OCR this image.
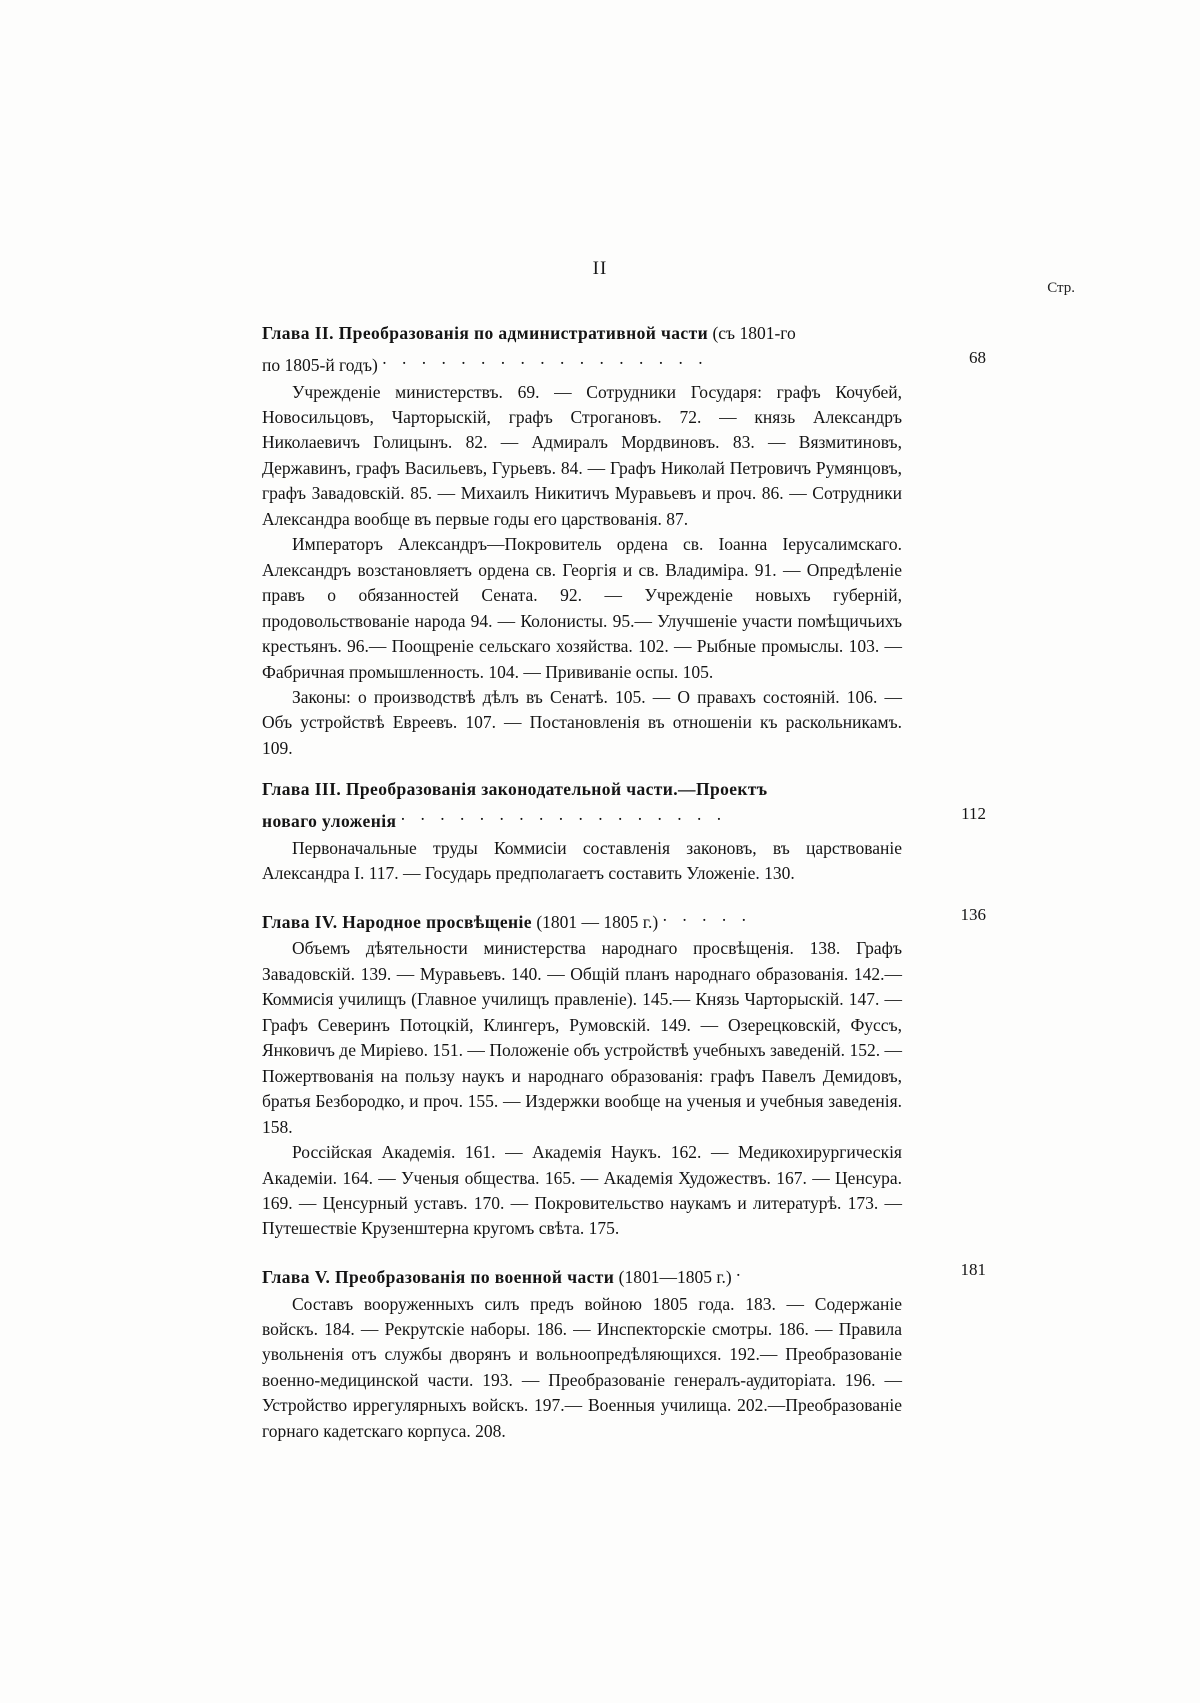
II
Стр.
Глава II. Преобразованія по административной части (съ 1801-го
по 1805-й годъ) . . . . . . . . . . . . . . . . .	68

Учрежденіе министерствъ. 69. — Сотрудники Государя: графъ Кочубей, Новосильцовъ, Чарторыскій, графъ Строгановъ. 72. — князь Александръ Николаевичъ Голицынъ. 82. — Адмиралъ Мордвиновъ. 83. — Вязмитиновъ, Державинъ, графъ Васильевъ, Гурьевъ. 84. — Графъ Николай Петровичъ Румянцовъ, графъ Завадовскій. 85. — Михаилъ Никитичъ Муравьевъ и проч. 86. — Сотрудники Александра вообще въ первые годы его царствованія. 87.

Императоръ Александръ—Покровитель ордена св. Іоанна Іерусалимскаго. Александръ возстановляетъ ордена св. Георгія и св. Владиміра. 91. — Опредѣленіе правъ о обязанностей Сената. 92. — Учрежденіе новыхъ губерній, продовольствованіе народа 94. — Колонисты. 95.— Улучшеніе участи помѣщичьихъ крестьянъ. 96.— Поощреніе сельскаго хозяйства. 102. — Рыбные промыслы. 103. — Фабричная промышленность. 104. — Прививаніе оспы. 105.

Законы: о производствѣ дѣлъ въ Сенатѣ. 105. — О правахъ состояній. 106. — Объ устройствѣ Евреевъ. 107. — Постановленія въ отношеніи къ раскольникамъ. 109.

Глава III. Преобразованія законодательной части.—Проектъ
новаго уложенія . . . . . . . . . . . . . . . . .	112

Первоначальные труды Коммисіи составленія законовъ, въ царствованіе Александра I. 117. — Государь предполагаетъ составить Уложеніе. 130.

Глава IV. Народное просвѣщеніе (1801 — 1805 г.) . . . . .	136

Объемъ дѣятельности министерства народнаго просвѣщенія. 138. Графъ Завадовскій. 139. — Муравьевъ. 140. — Общій планъ народнаго образованія. 142.—Коммисія училищъ (Главное училищъ правленіе). 145.— Князь Чарторыскій. 147. — Графъ Северинъ Потоцкій, Клингеръ, Румовскій. 149. — Озерецковскій, Фуссъ, Янковичъ де Миріево. 151. — Положеніе объ устройствѣ учебныхъ заведеній. 152. — Пожертвованія на пользу наукъ и народнаго образованія: графъ Павелъ Демидовъ, братья Безбородко, и проч. 155. — Издержки вообще на ученыя и учебныя заведенія. 158.

Россійская Академія. 161. — Академія Наукъ. 162. — Медикохирургическія Академіи. 164. — Ученыя общества. 165. — Академія Художествъ. 167. — Ценсура. 169. — Ценсурный уставъ. 170. — Покровительство наукамъ и литературѣ. 173. — Путешествіе Крузенштерна кругомъ свѣта. 175.

Глава V. Преобразованія по военной части (1801—1805 г.) .	181

Составъ вооруженныхъ силъ предъ войною 1805 года. 183. — Содержаніе войскъ. 184. — Рекрутскіе наборы. 186. — Инспекторскіе смотры. 186. — Правила увольненія отъ службы дворянъ и вольноопредѣляющихся. 192.— Преобразованіе военно-медицинской части. 193. — Преобразованіе генералъ-аудиторіата. 196. — Устройство иррегулярныхъ войскъ. 197.— Военныя училища. 202.—Преобразованіе горнаго кадетскаго корпуса. 208.
